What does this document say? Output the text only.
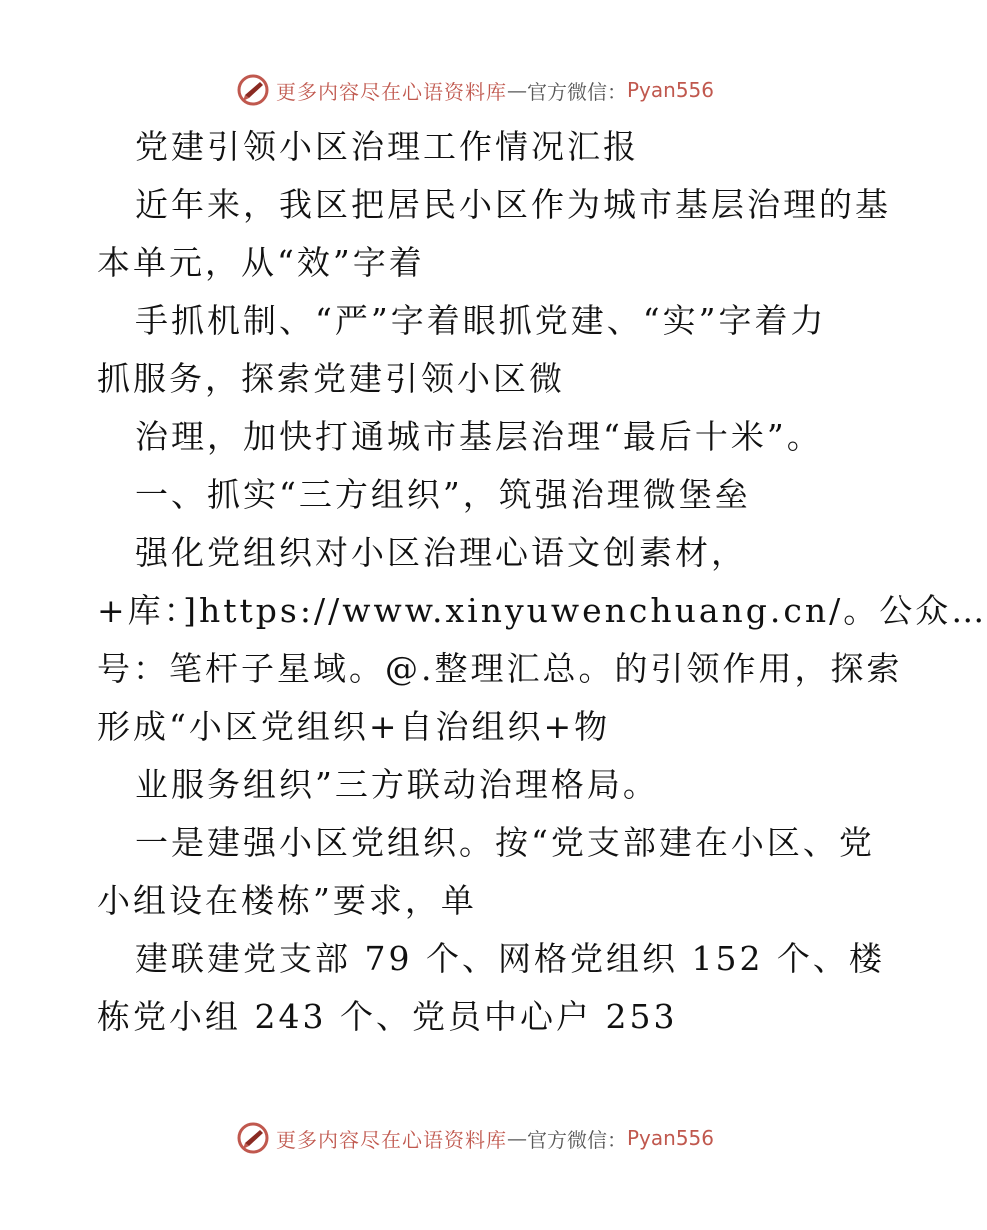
更多内容尽在心语资料库 — 官方微信： Pyan556
党建引领小区治理工作情况汇报
近年来，我区把居民小区作为城市基层治理的基
本单元，从“效”字着
手抓机制、“严”字着眼抓党建、“实”字着力
抓服务，探索党建引领小区微
治理，加快打通城市基层治理“最后十米”。
一、抓实“三方组织”，筑强治理微堡垒
强化党组织对小区治理心语文创素材，
+库：]https://www.xinyuwenchuang.cn/。公众…
号：笔杆子星域。@.整理汇总。的引领作用，探索
形成“小区党组织+自治组织+物
业服务组织”三方联动治理格局。
一是建强小区党组织。按“党支部建在小区、党
小组设在楼栋”要求，单
建联建党支部 79 个、网格党组织 152 个、楼
栋党小组 243 个、党员中心户 253
更多内容尽在心语资料库 — 官方微信： Pyan556
